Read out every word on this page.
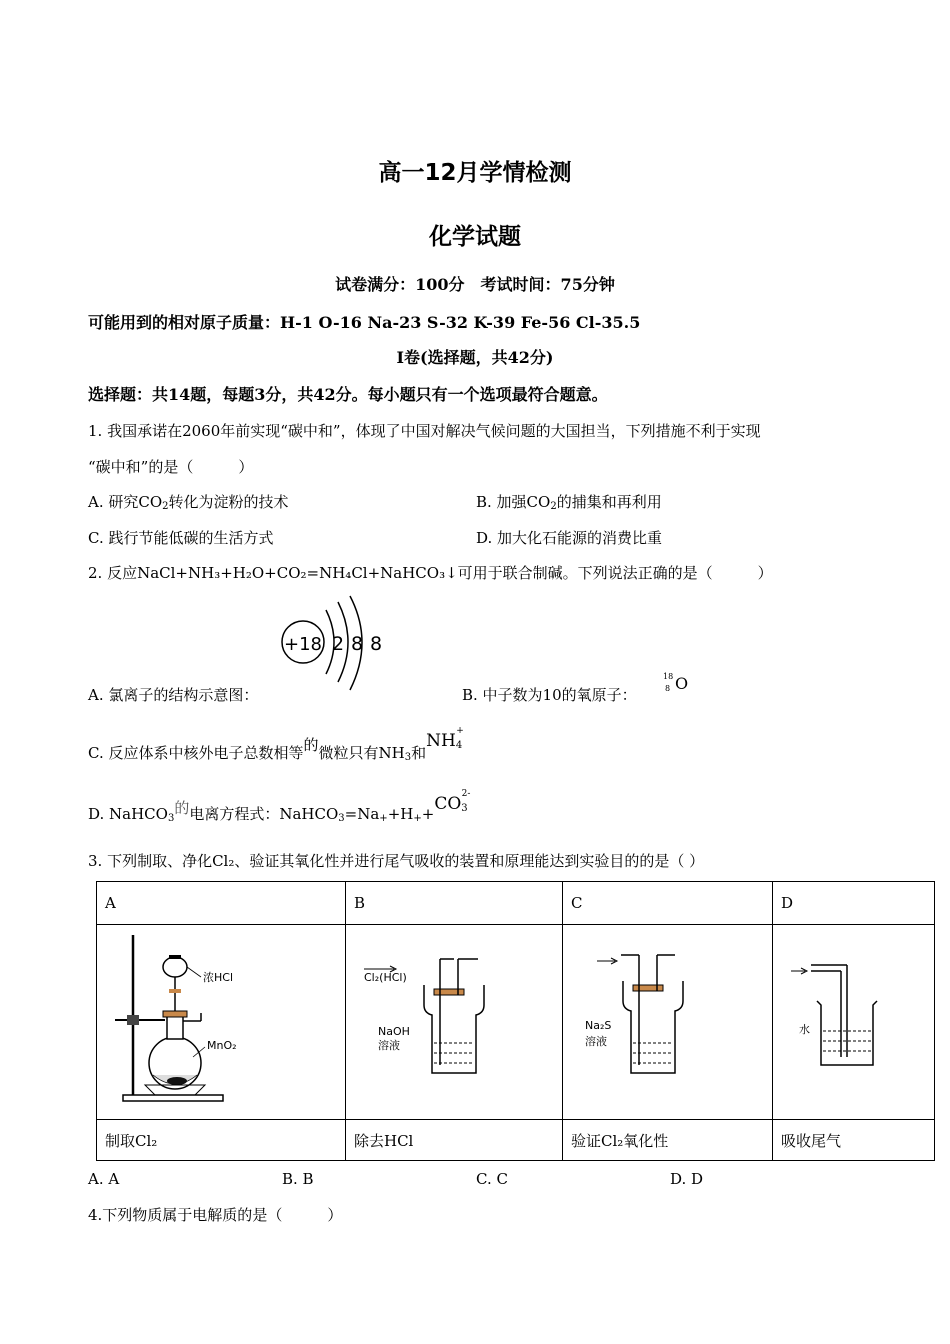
高一12月学情检测
化学试题
试卷满分：100分　考试时间：75分钟
可能用到的相对原子质量：H-1 O-16 Na-23 S-32 K-39 Fe-56 Cl-35.5
I卷(选择题，共42分)
选择题：共14题，每题3分，共42分。每小题只有一个选项最符合题意。
1. 我国承诺在2060年前实现“碳中和”，体现了中国对解决气候问题的大国担当，下列措施不利于实现
“碳中和”的是（　　　）
A. 研究$CO_2$转化为淀粉的技术	B. 加强$CO_2$的捕集和再利用
C. 践行节能低碳的生活方式	D. 加大化石能源的消费比重
2. 反应NaCl+NH₃+H₂O+CO₂=NH₄Cl+NaHCO₃↓可用于联合制碱。下列说法正确的是（　　　）
+18 2 8 8
A. 氯离子的结构示意图：	B. 中子数为10的氧原子：
18
8 O
C. 反应体系中核外电子总数相等的微粒只有$NH_3$和$NH_4^+$
D. NaHCO$_3$的电离方程式：$NaHCO_3=Na_++H_++CO_3^{2-}$
3. 下列制取、净化Cl₂、验证其氧化性并进行尾气吸收的装置和原理能达到实验目的的是（ ）
A	B	C	D

浓HCl
MnO₂	Cl₂(HCl)
NaOH
溶液	Na₂S
溶液	水

制取Cl₂	除去HCl	验证Cl₂氧化性	吸收尾气
A. A	B. B	C. C	D. D
4.下列物质属于电解质的是（　　　）
